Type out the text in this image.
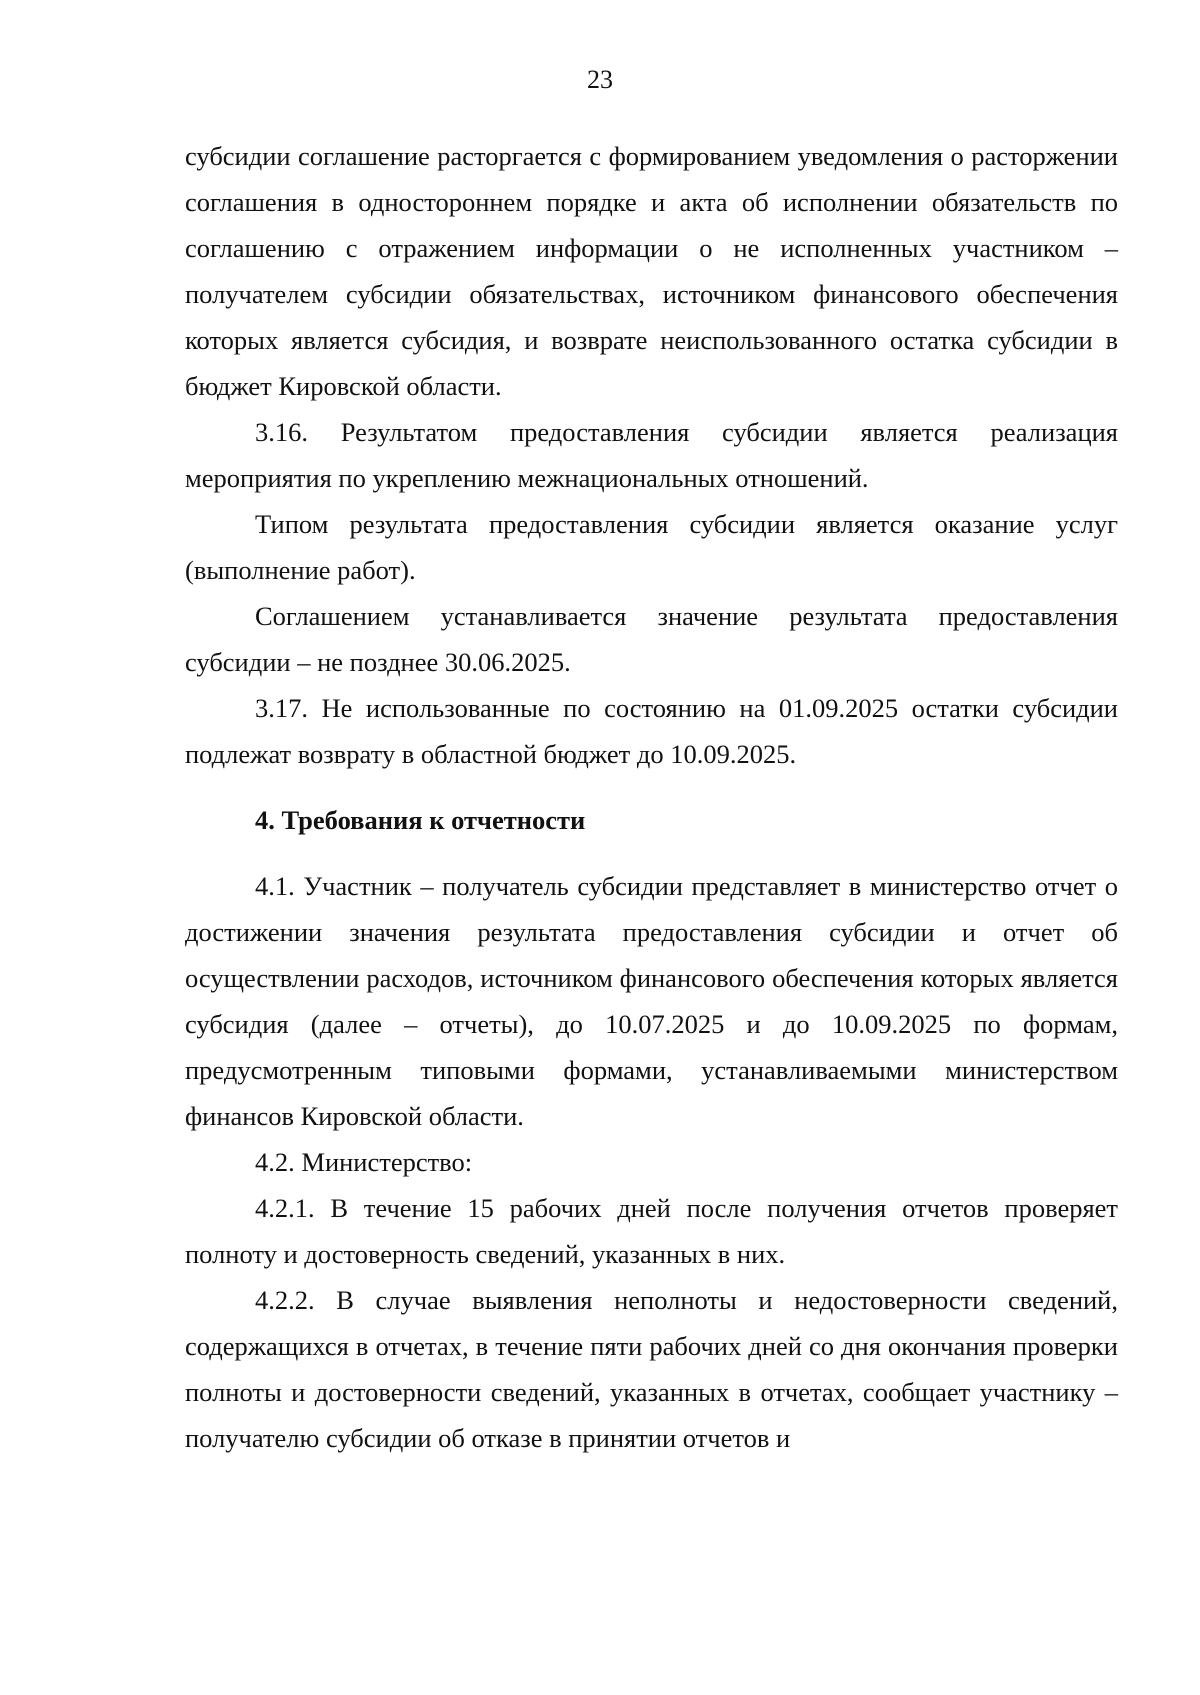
23

субсидии соглашение расторгается с формированием уведомления о расторжении соглашения в одностороннем порядке и акта об исполнении обязательств по соглашению с отражением информации о не исполненных участником – получателем субсидии обязательствах, источником финансового обеспечения которых является субсидия, и возврате неиспользованного остатка субсидии в бюджет Кировской области.

3.16. Результатом предоставления субсидии является реализация мероприятия по укреплению межнациональных отношений.

Типом результата предоставления субсидии является оказание услуг (выполнение работ).

Соглашением устанавливается значение результата предоставления субсидии – не позднее 30.06.2025.

3.17. Не использованные по состоянию на 01.09.2025 остатки субсидии подлежат возврату в областной бюджет до 10.09.2025.

4. Требования к отчетности

4.1. Участник – получатель субсидии представляет в министерство отчет о достижении значения результата предоставления субсидии и отчет об осуществлении расходов, источником финансового обеспечения которых является субсидия (далее – отчеты), до 10.07.2025 и до 10.09.2025 по формам, предусмотренным типовыми формами, устанавливаемыми министерством финансов Кировской области.

4.2. Министерство:

4.2.1. В течение 15 рабочих дней после получения отчетов проверяет полноту и достоверность сведений, указанных в них.

4.2.2. В случае выявления неполноты и недостоверности сведений, содержащихся в отчетах, в течение пяти рабочих дней со дня окончания проверки полноты и достоверности сведений, указанных в отчетах, сообщает участнику – получателю субсидии об отказе в принятии отчетов и
